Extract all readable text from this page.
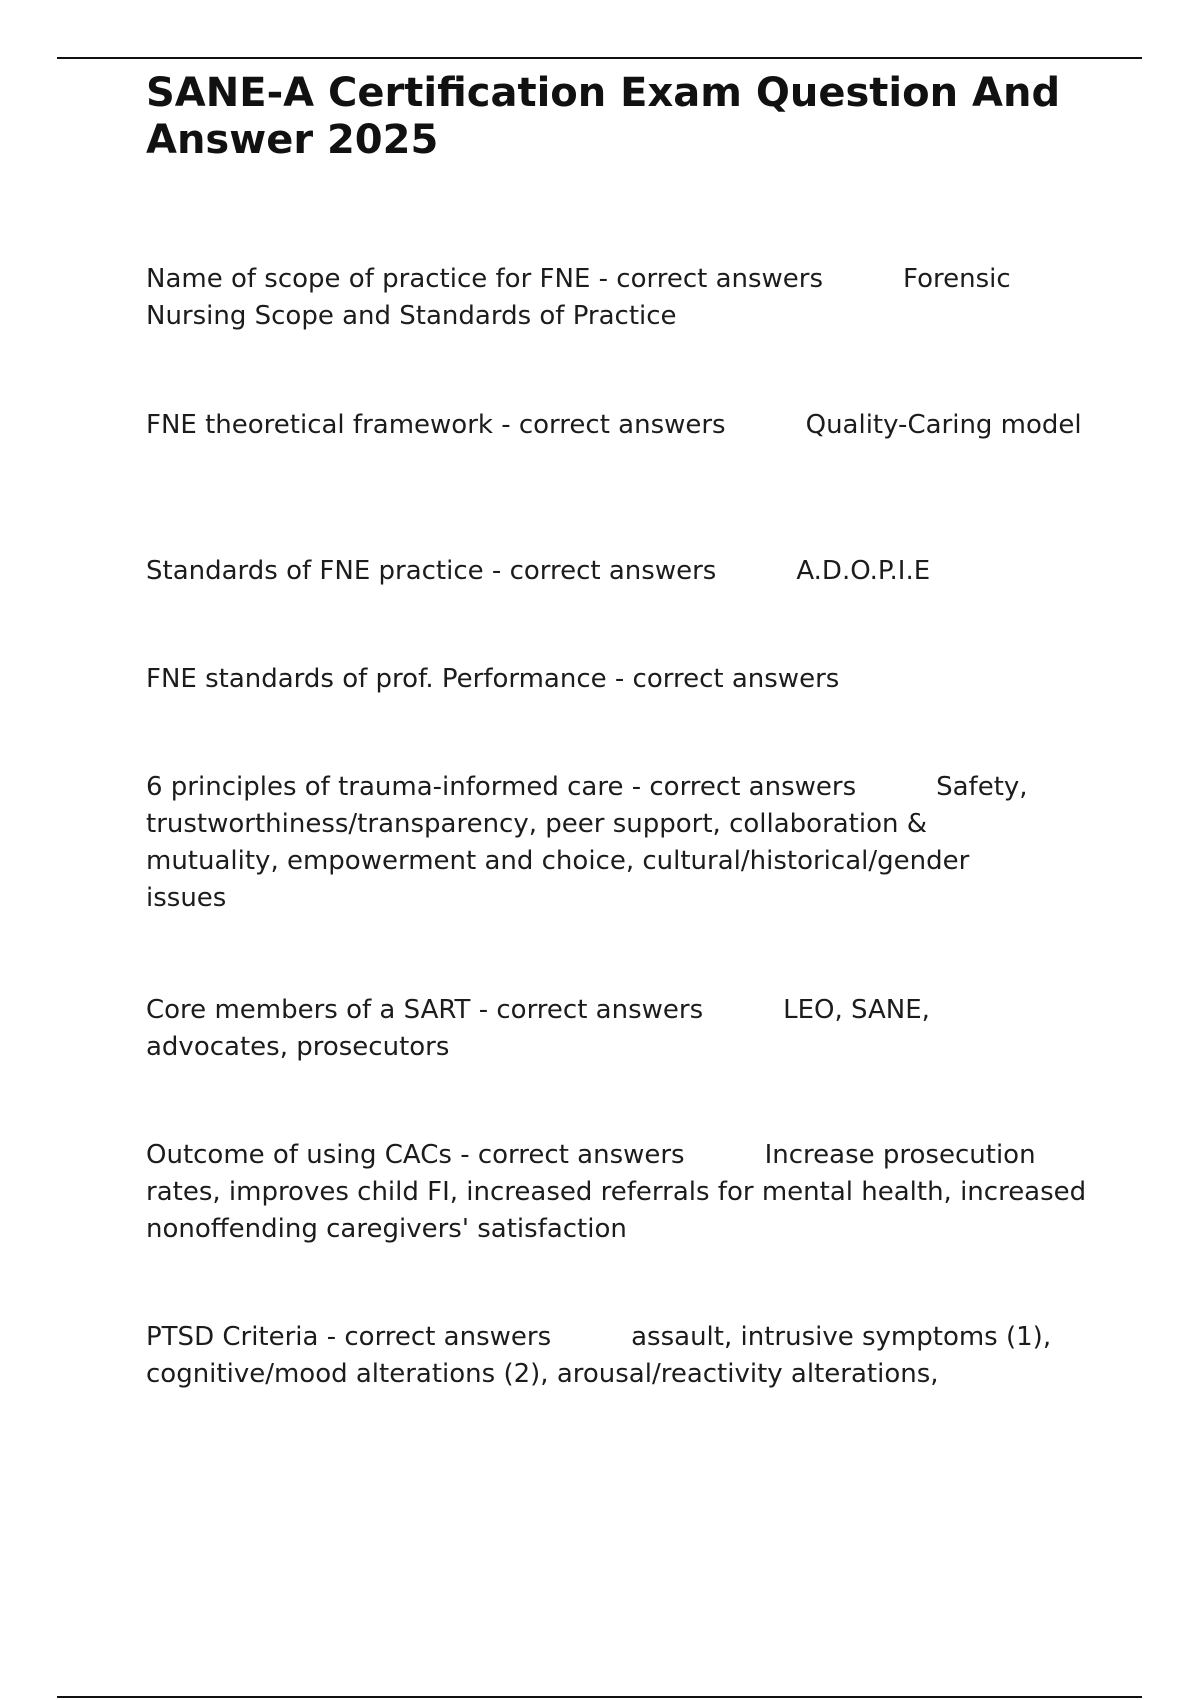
SANE-A Certification Exam Question And Answer 2025

Name of scope of practice for FNE - correct answers	Forensic Nursing Scope and Standards of Practice

FNE theoretical framework - correct answers	Quality-Caring model

Standards of FNE practice - correct answers	A.D.O.P.I.E

FNE standards of prof. Performance - correct answers

6 principles of trauma-informed care - correct answers	Safety, trustworthiness/transparency, peer support, collaboration & mutuality, empowerment and choice, cultural/historical/gender issues

Core members of a SART - correct answers	LEO, SANE, advocates, prosecutors

Outcome of using CACs - correct answers	Increase prosecution rates, improves child FI, increased referrals for mental health, increased nonoffending caregivers' satisfaction

PTSD Criteria - correct answers	assault, intrusive symptoms (1), cognitive/mood alterations (2), arousal/reactivity alterations,
